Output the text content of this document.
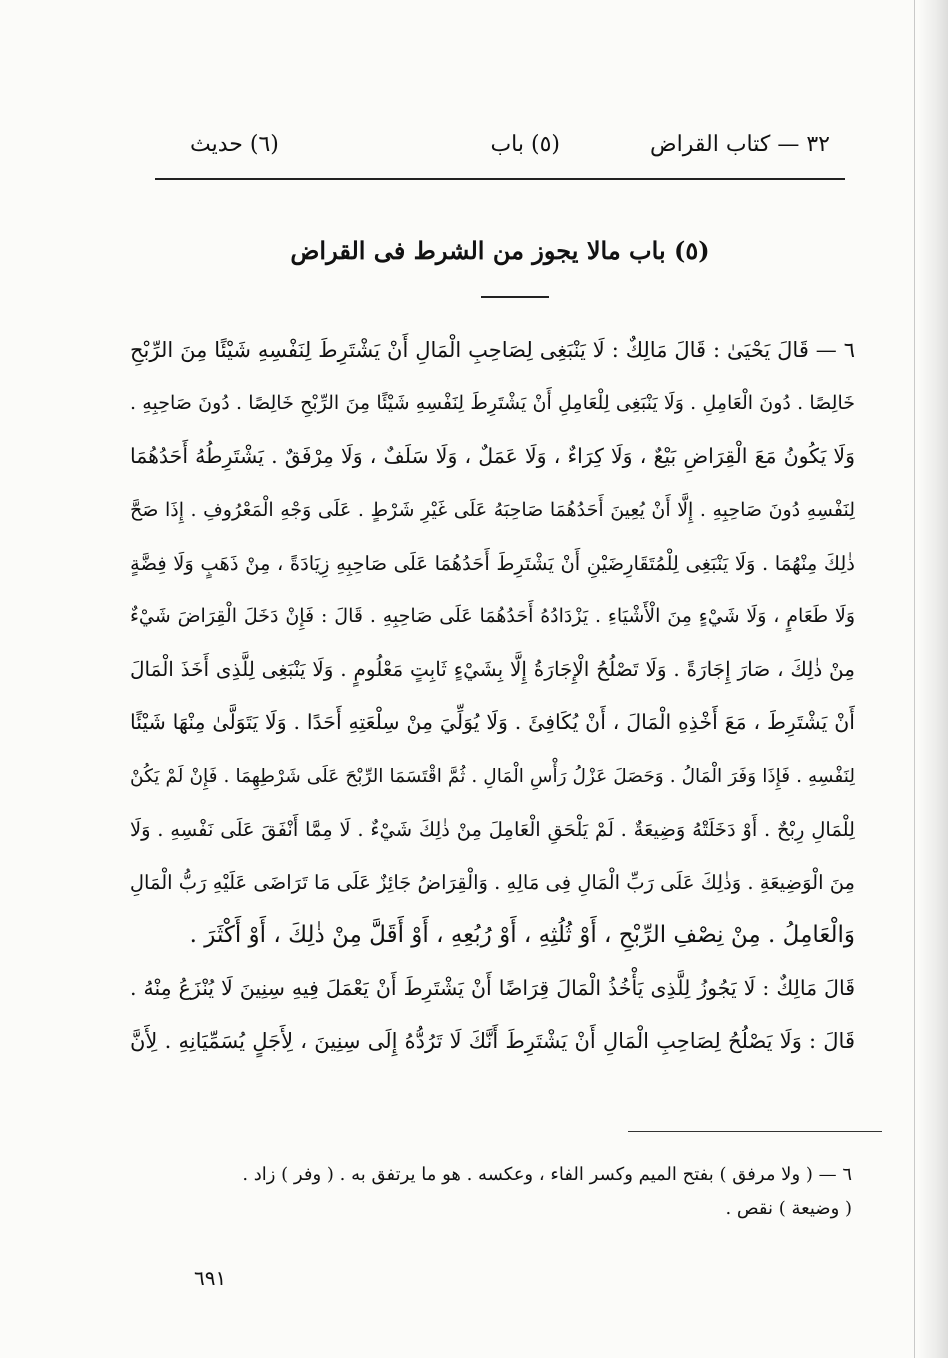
٣٢ — كتاب القراض
(٥) باب
(٦) حديث
(٥) باب مالا يجوز من الشرط فى القراض
٦ — قَالَ يَحْيَىٰ : قَالَ مَالِكٌ : لَا يَنْبَغِى لِصَاحِبِ الْمَالِ أَنْ يَشْتَرِطَ لِنَفْسِهِ شَيْئًا مِنَ الرِّبْحِ
خَالِصًا . دُونَ الْعَامِلِ . وَلَا يَنْبَغِى لِلْعَامِلِ أَنْ يَشْتَرِطَ لِنَفْسِهِ شَيْئًا مِنَ الرِّبْحِ خَالِصًا . دُونَ صَاحِبِهِ .
وَلَا يَكُونُ مَعَ الْقِرَاضِ بَيْعٌ ، وَلَا كِرَاءٌ ، وَلَا عَمَلٌ ، وَلَا سَلَفٌ ، وَلَا مِرْفَقٌ . يَشْتَرِطُهُ أَحَدُهُمَا
لِنَفْسِهِ دُونَ صَاحِبِهِ . إِلَّا أَنْ يُعِينَ أَحَدُهُمَا صَاحِبَهُ عَلَى غَيْرِ شَرْطٍ . عَلَى وَجْهِ الْمَعْرُوفِ . إِذَا صَحَّ
ذٰلِكَ مِنْهُمَا . وَلَا يَنْبَغِى لِلْمُتَقَارِضَيْنِ أَنْ يَشْتَرِطَ أَحَدُهُمَا عَلَى صَاحِبِهِ زِيَادَةً ، مِنْ ذَهَبٍ وَلَا فِضَّةٍ
وَلَا طَعَامٍ ، وَلَا شَيْءٍ مِنَ الْأَشْيَاءِ . يَزْدَادُهُ أَحَدُهُمَا عَلَى صَاحِبِهِ . قَالَ : فَإِنْ دَخَلَ الْقِرَاضَ شَيْءٌ
مِنْ ذٰلِكَ ، صَارَ إِجَارَةً . وَلَا تَصْلُحُ الْإِجَارَةُ إِلَّا بِشَيْءٍ ثَابِتٍ مَعْلُومٍ . وَلَا يَنْبَغِى لِلَّذِى أَخَذَ الْمَالَ
أَنْ يَشْتَرِطَ ، مَعَ أَخْذِهِ الْمَالَ ، أَنْ يُكَافِئَ . وَلَا يُوَلِّيَ مِنْ سِلْعَتِهِ أَحَدًا . وَلَا يَتَوَلَّىٰ مِنْهَا شَيْئًا
لِنَفْسِهِ . فَإِذَا وَفَرَ الْمَالُ . وَحَصَلَ عَزْلُ رَأْسِ الْمَالِ . ثُمَّ اقْتَسَمَا الرِّبْحَ عَلَى شَرْطِهِمَا . فَإِنْ لَمْ يَكُنْ
لِلْمَالِ رِبْحٌ . أَوْ دَخَلَتْهُ وَضِيعَةٌ . لَمْ يَلْحَقِ الْعَامِلَ مِنْ ذٰلِكَ شَيْءٌ . لَا مِمَّا أَنْفَقَ عَلَى نَفْسِهِ . وَلَا
مِنَ الْوَضِيعَةِ . وَذٰلِكَ عَلَى رَبِّ الْمَالِ فِى مَالِهِ . وَالْقِرَاضُ جَائِزٌ عَلَى مَا تَرَاضَى عَلَيْهِ رَبُّ الْمَالِ
وَالْعَامِلُ . مِنْ نِصْفِ الرِّبْحِ ، أَوْ ثُلُثِهِ ، أَوْ رُبُعِهِ ، أَوْ أَقَلَّ مِنْ ذٰلِكَ ، أَوْ أَكْثَرَ .
قَالَ مَالِكٌ : لَا يَجُوزُ لِلَّذِى يَأْخُذُ الْمَالَ قِرَاضًا أَنْ يَشْتَرِطَ أَنْ يَعْمَلَ فِيهِ سِنِينَ لَا يُنْزَعُ مِنْهُ .
قَالَ : وَلَا يَصْلُحُ لِصَاحِبِ الْمَالِ أَنْ يَشْتَرِطَ أَنَّكَ لَا تَرُدُّهُ إِلَى سِنِينَ ، لِأَجَلٍ يُسَمِّيَانِهِ . لِأَنَّ
٦ — ( ولا مرفق ) بفتح الميم وكسر الفاء ، وعكسه . هو ما يرتفق به . ( وفر ) زاد .
( وضيعة ) نقص .
٦٩١
